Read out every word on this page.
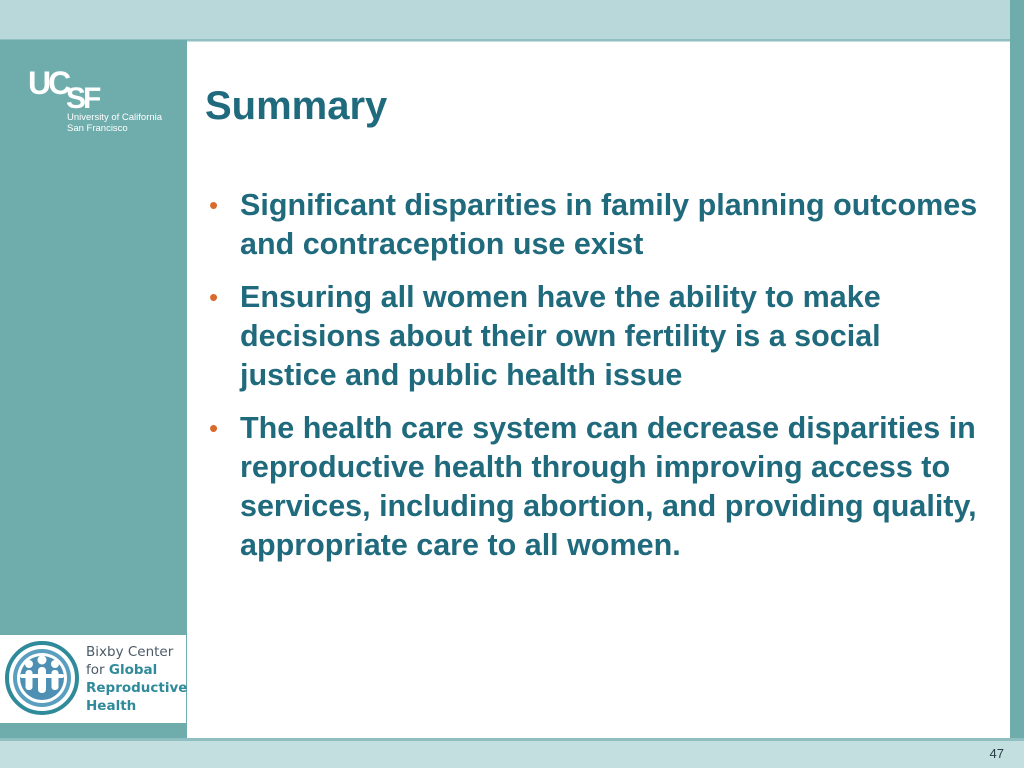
UC
SF
University of California
San Francisco
Summary
• Significant disparities in family planning outcomes and contraception use exist
• Ensuring all women have the ability to make decisions about their own fertility is a social justice and public health issue
• The health care system can decrease disparities in reproductive health through improving access to services, including abortion, and providing quality, appropriate care to all women.
Bixby Center
for Global
Reproductive
Health
47
